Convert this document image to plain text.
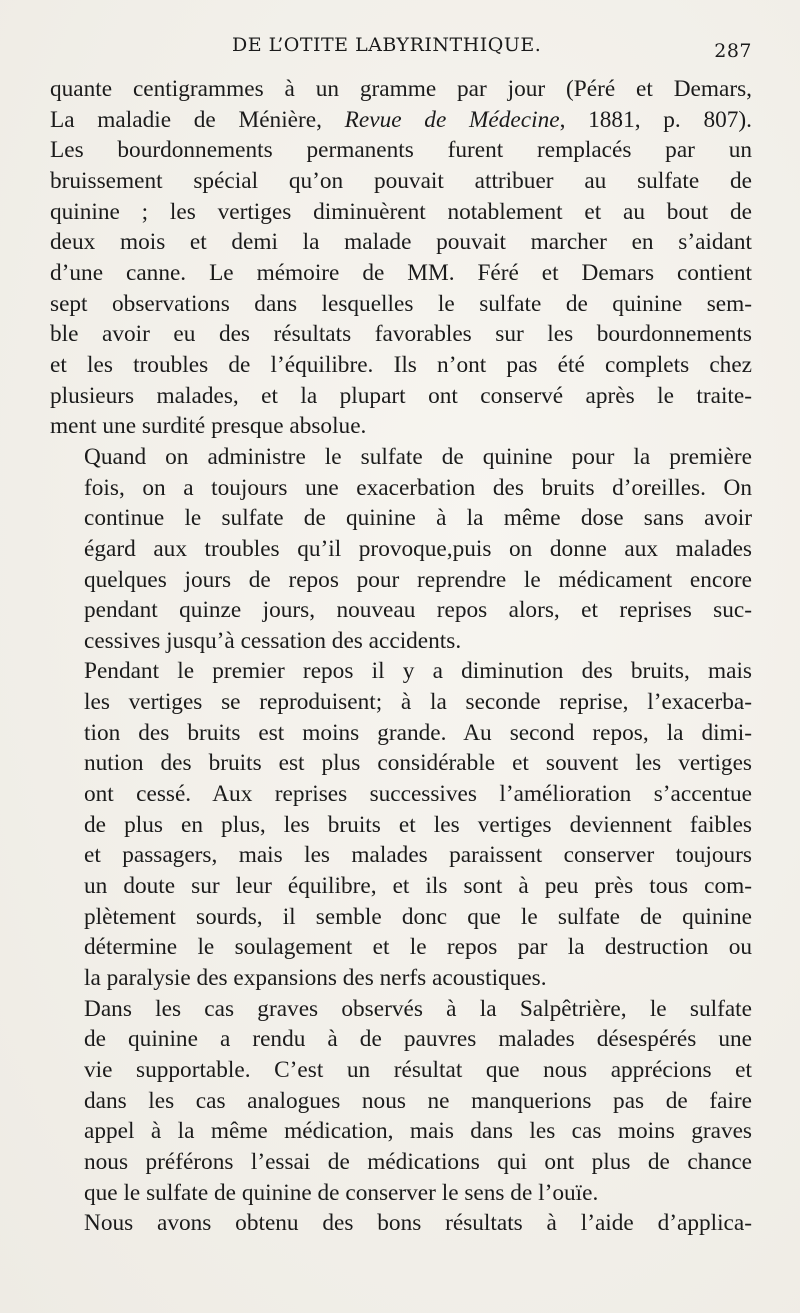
DE L’OTITE LABYRINTHIQUE.	287

quante centigrammes à un gramme par jour (Péré et Demars,
La maladie de Ménière, Revue de Médecine, 1881, p. 807).
Les bourdonnements permanents furent remplacés par un
bruissement spécial qu’on pouvait attribuer au sulfate de
quinine ; les vertiges diminuèrent notablement et au bout de
deux mois et demi la malade pouvait marcher en s’aidant
d’une canne. Le mémoire de MM. Féré et Demars contient
sept observations dans lesquelles le sulfate de quinine sem-
ble avoir eu des résultats favorables sur les bourdonnements
et les troubles de l’équilibre. Ils n’ont pas été complets chez
plusieurs malades, et la plupart ont conservé après le traite-
ment une surdité presque absolue.

Quand on administre le sulfate de quinine pour la première
fois, on a toujours une exacerbation des bruits d’oreilles. On
continue le sulfate de quinine à la même dose sans avoir
égard aux troubles qu’il provoque,puis on donne aux malades
quelques jours de repos pour reprendre le médicament encore
pendant quinze jours, nouveau repos alors, et reprises suc-
cessives jusqu’à cessation des accidents.

Pendant le premier repos il y a diminution des bruits, mais
les vertiges se reproduisent; à la seconde reprise, l’exacerba-
tion des bruits est moins grande. Au second repos, la dimi-
nution des bruits est plus considérable et souvent les vertiges
ont cessé. Aux reprises successives l’amélioration s’accentue
de plus en plus, les bruits et les vertiges deviennent faibles
et passagers, mais les malades paraissent conserver toujours
un doute sur leur équilibre, et ils sont à peu près tous com-
plètement sourds, il semble donc que le sulfate de quinine
détermine le soulagement et le repos par la destruction ou
la paralysie des expansions des nerfs acoustiques.

Dans les cas graves observés à la Salpêtrière, le sulfate
de quinine a rendu à de pauvres malades désespérés une
vie supportable. C’est un résultat que nous apprécions et
dans les cas analogues nous ne manquerions pas de faire
appel à la même médication, mais dans les cas moins graves
nous préférons l’essai de médications qui ont plus de chance
que le sulfate de quinine de conserver le sens de l’ouïe.

Nous avons obtenu des bons résultats à l’aide d’applica-
